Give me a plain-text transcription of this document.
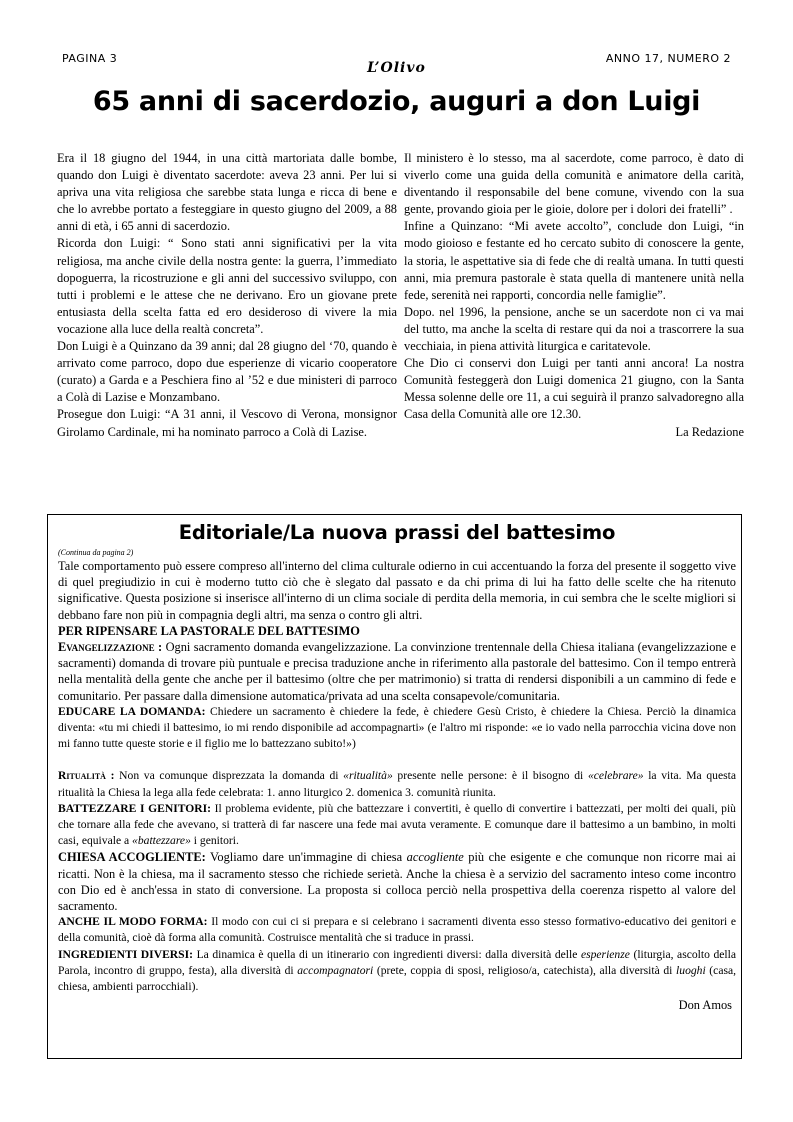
PAGINA 3
L’Olivo
ANNO 17, NUMERO 2
65 anni di sacerdozio, auguri a don Luigi

Era il 18 giugno del 1944, in una città martoriata dalle bombe, quando don Luigi è diventato sacerdote: aveva 23 anni. Per lui si apriva una vita religiosa che sarebbe stata lunga e ricca di bene e che lo avrebbe portato a festeggiare in questo giugno del 2009, a 88 anni di età, i 65 anni di sacerdozio.

Ricorda don Luigi: “ Sono stati anni significativi per la vita religiosa, ma anche civile della nostra gente: la guerra, l’immediato dopoguerra, la ricostruzione e gli anni del successivo sviluppo, con tutti i problemi e le attese che ne derivano. Ero un giovane prete entusiasta della scelta fatta ed ero desideroso di vivere la mia vocazione alla luce della realtà concreta”.

Don Luigi è a Quinzano da 39 anni; dal 28 giugno del ‘70, quando è arrivato come parroco, dopo due esperienze di vicario cooperatore (curato) a Garda e a Peschiera fino al ’52 e due ministeri di parroco a Colà di Lazise e Monzambano.

Prosegue don Luigi: “A 31 anni, il Vescovo di Verona, monsignor Girolamo Cardinale, mi ha nominato parroco a Colà di Lazise.

Il ministero è lo stesso, ma al sacerdote, come parroco, è dato di viverlo come una guida della comunità e animatore della carità, diventando il responsabile del bene comune, vivendo con la sua gente, provando gioia per le gioie, dolore per i dolori dei fratelli” .

Infine a Quinzano: “Mi avete accolto”, conclude don Luigi, “in modo gioioso e festante ed ho cercato subito di conoscere la gente, la storia, le aspettative sia di fede che di realtà umana. In tutti questi anni, mia premura pastorale è stata quella di mantenere unità nella fede, serenità nei rapporti, concordia nelle famiglie”.

Dopo. nel 1996, la pensione, anche se un sacerdote non ci va mai del tutto, ma anche la scelta di restare qui da noi a trascorrere la sua vecchiaia, in piena attività liturgica e caritatevole.

Che Dio ci conservi don Luigi per tanti anni ancora! La nostra Comunità festeggerà don Luigi domenica 21 giugno, con la Santa Messa solenne delle ore 11, a cui seguirà il pranzo salvadoregno alla Casa della Comunità alle ore 12.30.

La Redazione

Editoriale/La nuova prassi del battesimo

(Continua da pagina 2)

Tale comportamento può essere compreso all'interno del clima culturale odierno in cui accentuando la forza del presente il soggetto vive di quel pregiudizio in cui è moderno tutto ciò che è slegato dal passato e da chi prima di lui ha fatto delle scelte che ha ritenuto significative. Questa posizione si inserisce all'interno di un clima sociale di perdita della memoria, in cui sembra che le scelte migliori si debbano fare non più in compagnia degli altri, ma senza o contro gli altri.

PER RIPENSARE LA PASTORALE DEL BATTESIMO

Evangelizzazione : Ogni sacramento domanda evangelizzazione. La convinzione trentennale della Chiesa italiana (evangelizzazione e sacramenti) domanda di trovare più puntuale e precisa traduzione anche in riferimento alla pastorale del battesimo. Con il tempo entrerà nella mentalità della gente che anche per il battesimo (oltre che per matrimonio) si tratta di rendersi disponibili a un cammino di fede e comunitario. Per passare dalla dimensione automatica/privata ad una scelta consapevole/comunitaria.

EDUCARE LA DOMANDA: Chiedere un sacramento è chiedere la fede, è chiedere Gesù Cristo, è chiedere la Chiesa. Perciò la dinamica diventa: «tu mi chiedi il battesimo, io mi rendo disponibile ad accompagnarti» (e l'altro mi risponde: «e io vado nella parrocchia vicina dove non mi fanno tutte queste storie e il figlio me lo battezzano subito!»)

Ritualità : Non va comunque disprezzata la domanda di «ritualità» presente nelle persone: è il bisogno di «celebrare» la vita. Ma questa ritualità la Chiesa la lega alla fede celebrata: 1. anno liturgico 2. domenica 3. comunità riunita.

BATTEZZARE I GENITORI: Il problema evidente, più che battezzare i convertiti, è quello di convertire i battezzati, per molti dei quali, più che tornare alla fede che avevano, si tratterà di far nascere una fede mai avuta veramente. E comunque dare il battesimo a un bambino, in molti casi, equivale a «battezzare» i genitori.

CHIESA ACCOGLIENTE: Vogliamo dare un'immagine di chiesa accogliente più che esigente e che comunque non ricorre mai ai ricatti. Non è la chiesa, ma il sacramento stesso che richiede serietà. Anche la chiesa è a servizio del sacramento inteso come incontro con Dio ed è anch'essa in stato di conversione. La proposta si colloca perciò nella prospettiva della coerenza rispetto al valore del sacramento.

ANCHE IL MODO FORMA: Il modo con cui ci si prepara e si celebrano i sacramenti diventa esso stesso formativo-educativo dei genitori e della comunità, cioè dà forma alla comunità. Costruisce mentalità che si traduce in prassi.

INGREDIENTI DIVERSI: La dinamica è quella di un itinerario con ingredienti diversi: dalla diversità delle esperienze (liturgia, ascolto della Parola, incontro di gruppo, festa), alla diversità di accompagnatori (prete, coppia di sposi, religioso/a, catechista), alla diversità di luoghi (casa, chiesa, ambienti parrocchiali).

Don Amos
